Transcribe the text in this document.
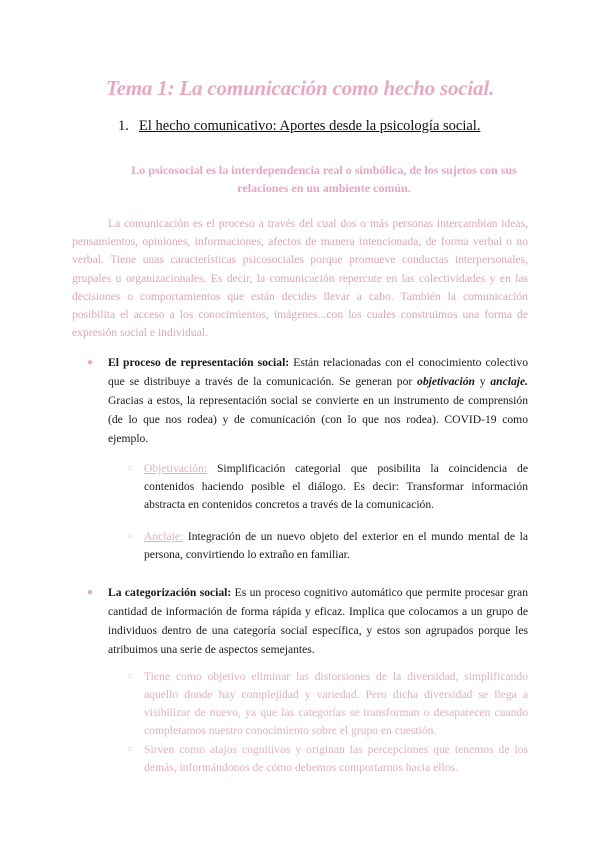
Tema 1: La comunicación como hecho social.
1. El hecho comunicativo: Aportes desde la psicología social.
Lo psicosocial es la interdependencia real o simbólica, de los sujetos con sus relaciones en un ambiente común.
La comunicación es el proceso a través del cual dos o más personas intercambian ideas, pensamientos, opiniones, informaciones, afectos de manera intencionada, de forma verbal o no verbal. Tiene unas características psicosociales porque promueve conductas interpersonales, grupales u organizacionales. Es decir, la comunicación repercute en las colectividades y en las decisiones o comportamientos que están decides llevar a cabo. También la comunicación posibilita el acceso a los conocimientos, imágenes...con los cuales construimos una forma de expresión social e individual.
● El proceso de representación social: Están relacionadas con el conocimiento colectivo que se distribuye a través de la comunicación. Se generan por objetivación y anclaje. Gracias a estos, la representación social se convierte en un instrumento de comprensión (de lo que nos rodea) y de comunicación (con lo que nos rodea). COVID-19 como ejemplo.
○ Objetivación: Simplificación categorial que posibilita la coincidencia de contenidos haciendo posible el diálogo. Es decir: Transformar información abstracta en contenidos concretos a través de la comunicación.
○ Anclaje: Integración de un nuevo objeto del exterior en el mundo mental de la persona, convirtiendo lo extraño en familiar.
● La categorización social: Es un proceso cognitivo automático que permite procesar gran cantidad de información de forma rápida y eficaz. Implica que colocamos a un grupo de individuos dentro de una categoría social específica, y estos son agrupados porque les atribuimos una serie de aspectos semejantes.
○ Tiene como objetivo eliminar las distorsiones de la diversidad, simplificando aquello donde hay complejidad y variedad. Pero dicha diversidad se llega a visibilizar de nuevo, ya que las categorías se transforman o desaparecen cuando completamos nuestro conocimiento sobre el grupo en cuestión.
○ Sirven como atajos cognitivos y originan las percepciones que tenemos de los demás, informándonos de cómo debemos comportarnos hacia ellos.
